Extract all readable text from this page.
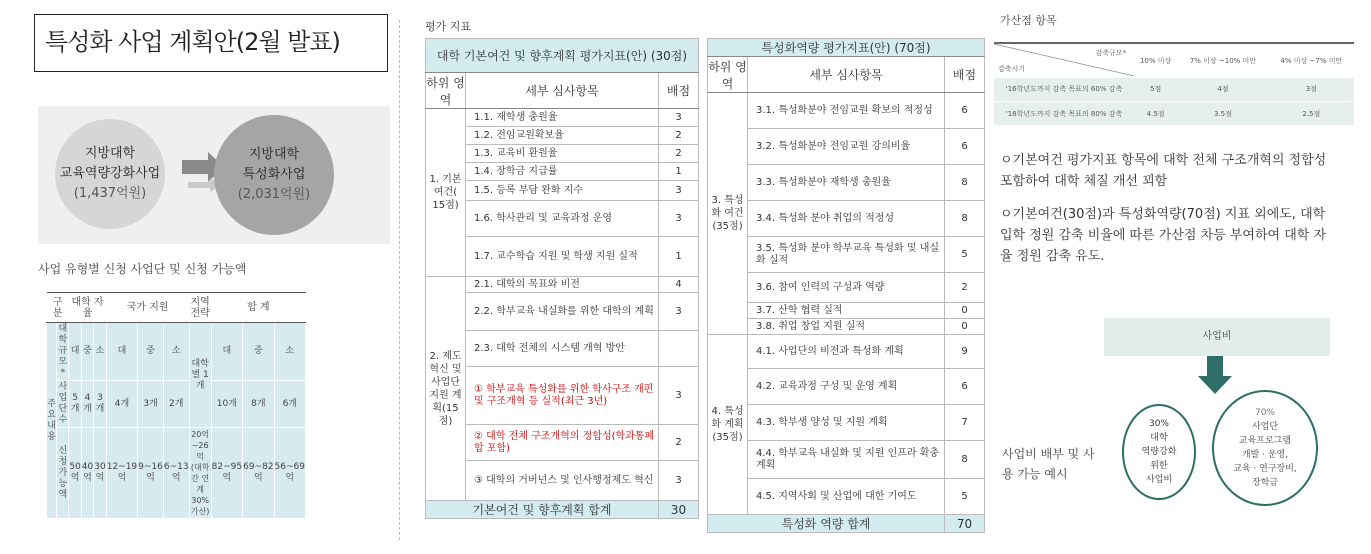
특성화 사업 계획안(2월 발표)
지방대학
교육역량강화사업
(1,437억원)
지방대학
특성화사업
(2,031억원)
사업 유형별 신청 사업단 및 신청 가능액
구 분		대학 자율			국가 지원			지역 전략	합 계		
주요내용	대학규모*	대	중	소	대	중	소	대학별 1개	대	중	소
	사업단수	5개	4개	3개	4개	3개	2개		10개	8개	6개
	신청가능액	50억	40억	30억	12~19억	9~16억	6~13억	20억~26억 (대학간 연계 30% 가산)	82~95억	69~82억	56~69억
평가 지표
대학 기본여건 및 향후계획 평가지표(안) (30점)		
하위 영역	세부 심사항목	배점
1. 기본 여건( 15점)	1.1. 재학생 충원율	3
	1.2. 전임교원확보율	2
	1.3. 교육비 환원율	2
	1.4. 장학금 지급률	1
	1.5. 등록 부담 완화 지수	3
	1.6. 학사관리 및 교육과정 운영	3
	1.7. 교수학습 지원 및 학생 지원 실적	1
2. 제도 혁신 및 사업단 지원 계획(15점)	2.1. 대학의 목표와 비전	4
	2.2. 학부교육 내실화를 위한 대학의 계획	3
	2.3. 대학 전체의 시스템 개혁 방안	
	① 학부교육 특성화를 위한 학사구조 개편 및 구조개혁 등 실적(최근 3년)	3
	② 대학 전체 구조개혁의 정합성(학과통폐합 포함)	2
	③ 대학의 거버넌스 및 인사행정제도 혁신	3
기본여건 및 향후계획 합계		30
특성화역량 평가지표(안) (70점)		
하위 영역	세부 심사항목	배점
3. 특성화 여건 (35점)	3.1. 특성화분야 전임교원 확보의 적정성	6
	3.2. 특성화분야 전임교원 강의비율	6
	3.3. 특성화분야 재학생 충원율	8
	3.4. 특성화 분야 취업의 적정성	8
	3.5. 특성화 분야 학부교육 특성화 및 내실화 실적	5
	3.6. 참여 인력의 구성과 역량	2
	3.7. 산학 협력 실적	0
	3.8. 취업 창업 지원 실적	0
4. 특성화 계획 (35점)	4.1. 사업단의 비전과 특성화 계획	9
	4.2. 교육과정 구성 및 운영 계획	6
	4.3. 학부생 양성 및 지원 계획	7
	4.4. 학부교육 내실화 및 지원 인프라 확충 계획	8
	4.5. 지역사회 및 산업에 대한 기여도	5
특성화 역량 합계		70
가산점 항목
감축규모*
감축시기	10% 이상	7% 이상 ~10% 미만	4% 이상 ~7% 미만
'16학년도까지 감축 목표의 60% 감축	5점	4점	3점
'18학년도까지 감축 목표의 80% 감축	4.5점	3.5점	2.5점
ㅇ기본여건 평가지표 항목에 대학 전체 구조개혁의 정합성 포함하여 대학 체질 개선 꾀함
ㅇ기본여건(30점)과 특성화역량(70점) 지표 외에도, 대학 입학 정원 감축 비율에 따른 가산점 차등 부여하여 대학 자율 정원 감축 유도.
사업비 배부 및 사용 가능 예시
사업비
30%
대학
역량강화
위한
사업비
70%
사업단
교육프로그램
개발 · 운영,
교육 · 연구장비,
장학금
